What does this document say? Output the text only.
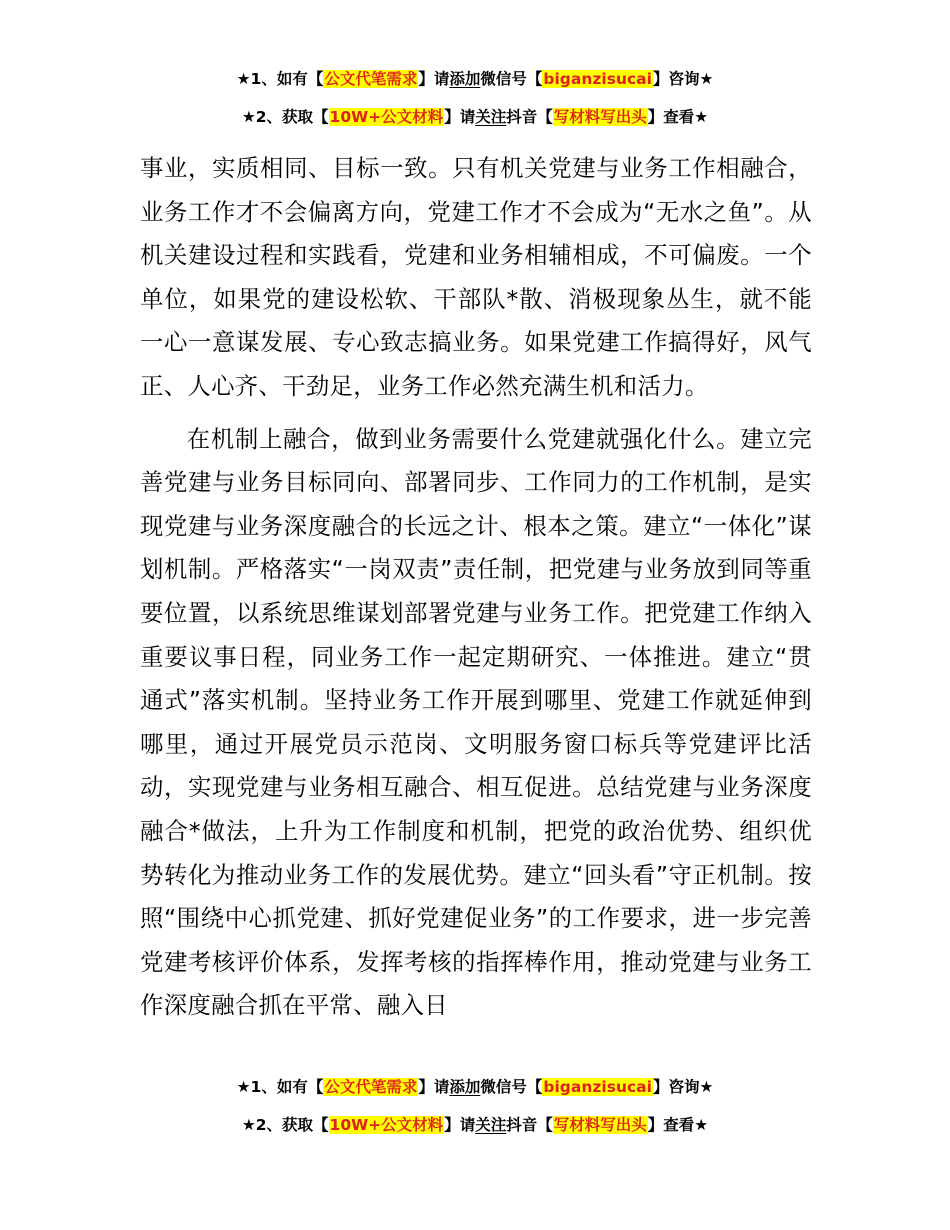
★1、如有【公文代笔需求】请添加微信号【biganzisucai】咨询★
★2、获取【10W+公文材料】请关注抖音【写材料写出头】查看★

事业，实质相同、目标一致。只有机关党建与业务工作相融合，业务工作才不会偏离方向，党建工作才不会成为“无水之鱼”。从机关建设过程和实践看，党建和业务相辅相成，不可偏废。一个单位，如果党的建设松软、干部队*散、消极现象丛生，就不能一心一意谋发展、专心致志搞业务。如果党建工作搞得好，风气正、人心齐、干劲足，业务工作必然充满生机和活力。

在机制上融合，做到业务需要什么党建就强化什么。建立完善党建与业务目标同向、部署同步、工作同力的工作机制，是实现党建与业务深度融合的长远之计、根本之策。建立“一体化”谋划机制。严格落实“一岗双责”责任制，把党建与业务放到同等重要位置，以系统思维谋划部署党建与业务工作。把党建工作纳入重要议事日程，同业务工作一起定期研究、一体推进。建立“贯通式”落实机制。坚持业务工作开展到哪里、党建工作就延伸到哪里，通过开展党员示范岗、文明服务窗口标兵等党建评比活动，实现党建与业务相互融合、相互促进。总结党建与业务深度融合*做法，上升为工作制度和机制，把党的政治优势、组织优势转化为推动业务工作的发展优势。建立“回头看”守正机制。按照“围绕中心抓党建、抓好党建促业务”的工作要求，进一步完善党建考核评价体系，发挥考核的指挥棒作用，推动党建与业务工作深度融合抓在平常、融入日

★1、如有【公文代笔需求】请添加微信号【biganzisucai】咨询★
★2、获取【10W+公文材料】请关注抖音【写材料写出头】查看★
